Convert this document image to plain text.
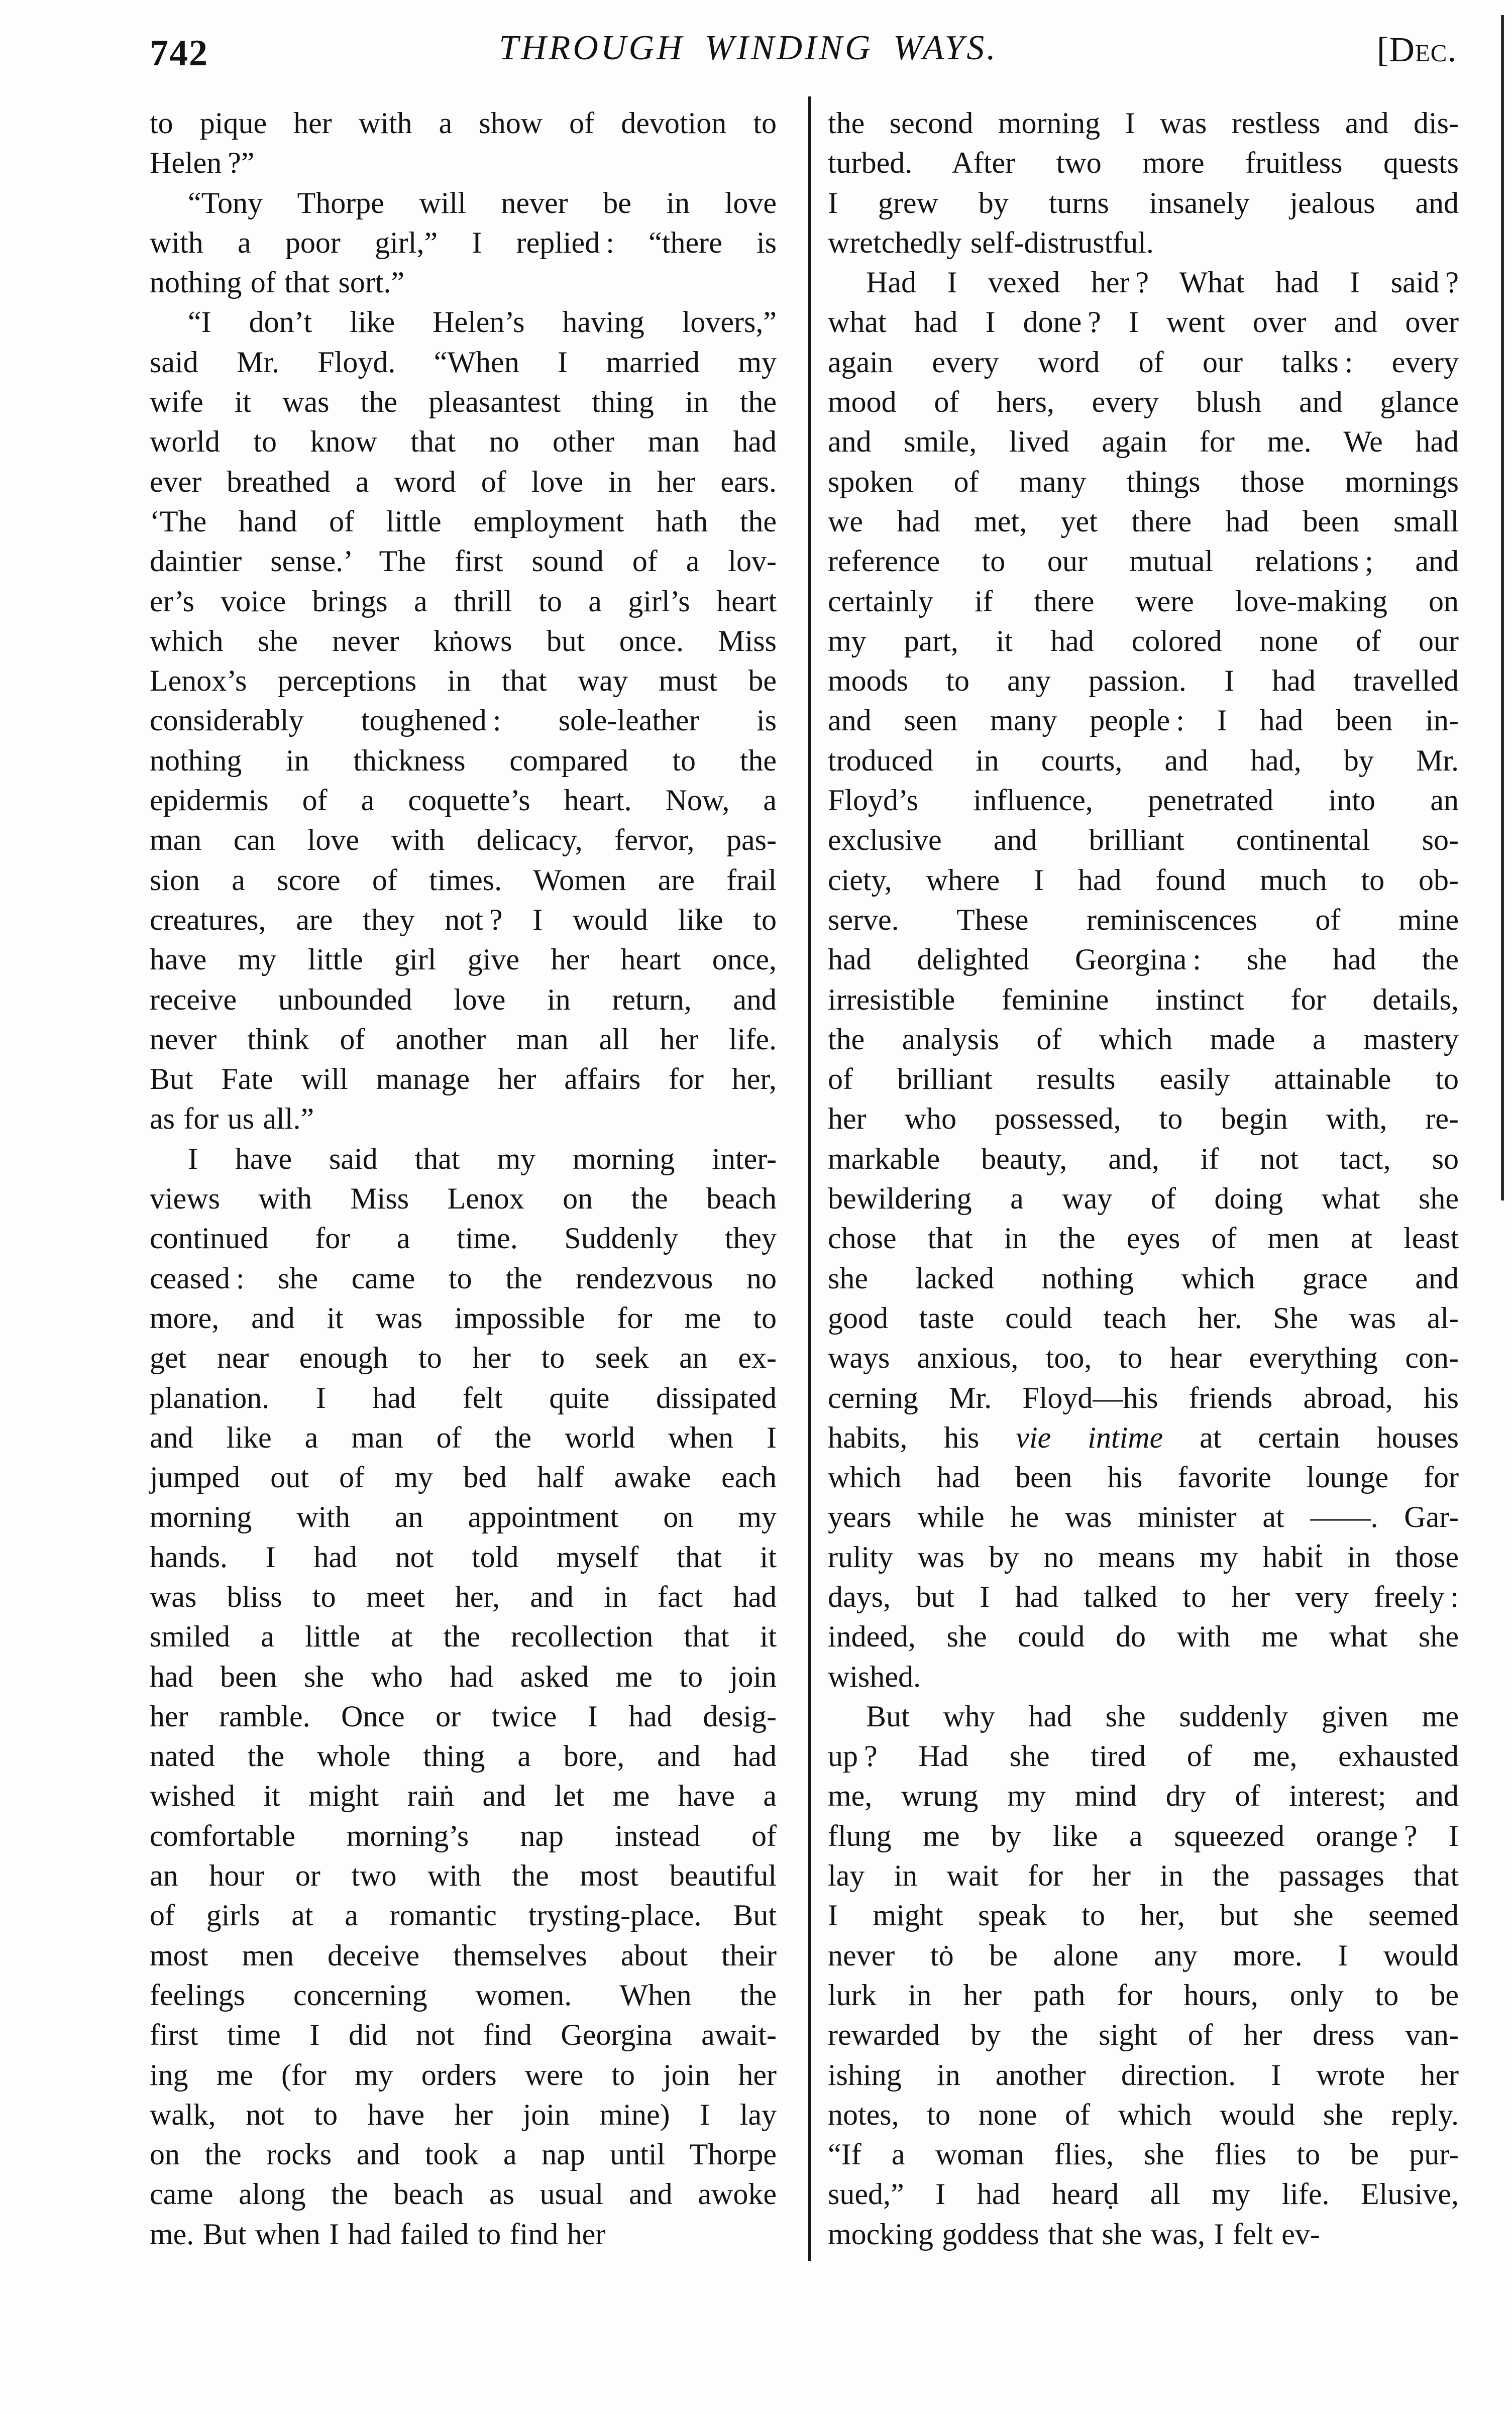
742	THROUGH WINDING WAYS.	[Dec.
to pique her with a show of devotion to
Helen ?”
“Tony Thorpe will never be in love
with a poor girl,” I replied : “there is
nothing of that sort.”
“I don’t like Helen’s having lovers,”
said Mr. Floyd. “When I married my
wife it was the pleasantest thing in the
world to know that no other man had
ever breathed a word of love in her ears.
‘The hand of little employment hath the
daintier sense.’ The first sound of a lov-
er’s voice brings a thrill to a girl’s heart
which she never kṅows but once. Miss
Lenox’s perceptions in that way must be
considerably toughened : sole-leather is
nothing in thickness compared to the
epidermis of a coquette’s heart. Now, a
man can love with delicacy, fervor, pas-
sion a score of times. Women are frail
creatures, are they not ? I would like to
have my little girl give her heart once,
receive unbounded love in return, and
never think of another man all her life.
But Fate will manage her affairs for her,
as for us all.”
I have said that my morning inter-
views with Miss Lenox on the beach
continued for a time. Suddenly they
ceased : she came to the rendezvous no
more, and it was impossible for me to
get near enough to her to seek an ex-
planation. I had felt quite dissipated
and like a man of the world when I
jumped out of my bed half awake each
morning with an appointment on my
hands. I had not told myself that it
was bliss to meet her, and in fact had
smiled a little at the recollection that it
had been she who had asked me to join
her ramble. Once or twice I had desig-
nated the whole thing a bore, and had
wished it might raiṅ and let me have a
comfortable morning’s nap instead of
an hour or two with the most beautiful
of girls at a romantic trysting-place. But
most men deceive themselves about their
feelings concerning women. When the
first time I did not find Georgina await-
ing me (for my orders were to join her
walk, not to have her join mine) I lay
on the rocks and took a nap until Thorpe
came along the beach as usual and awoke
me. But when I had failed to find her
the second morning I was restless and dis-
turbed. After two more fruitless quests
I grew by turns insanely jealous and
wretchedly self-distrustful.
Had I vexed her ? What had I said ?
what had I done ? I went over and over
again every word of our talks : every
mood of hers, every blush and glance
and smile, lived again for me. We had
spoken of many things those mornings
we had met, yet there had been small
reference to our mutual relations ; and
certainly if there were love-making on
my part, it had colored none of our
moods to any passion. I had travelled
and seen many people : I had been in-
troduced in courts, and had, by Mr.
Floyd’s influence, penetrated into an
exclusive and brilliant continental so-
ciety, where I had found much to ob-
serve. These reminiscences of mine
had delighted Georgina : she had the
irresistible feminine instinct for details,
the analysis of which made a mastery
of brilliant results easily attainable to
her who possessed, to begin with, re-
markable beauty, and, if not tact, so
bewildering a way of doing what she
chose that in the eyes of men at least
she lacked nothing which grace and
good taste could teach her. She was al-
ways anxious, too, to hear everything con-
cerning Mr. Floyd—his friends abroad, his
habits, his vie intime at certain houses
which had been his favorite lounge for
years while he was minister at ——. Gar-
rulity was by no means my habiṫ in those
days, but I had talked to her very freely :
indeed, she could do with me what she
wished.
But why had she suddenly given me
up ? Had she tired of me, exhausted
me, wrung my mind dry of interest; and
flung me by like a squeezed orange ? I
lay in wait for her in the passages that
I might speak to her, but she seemed
never tȯ be alone any more. I would
lurk in her path for hours, only to be
rewarded by the sight of her dress van-
ishing in another direction. I wrote her
notes, to none of which would she reply.
“If a woman flies, she flies to be pur-
sued,” I had hearḍ all my life. Elusive,
mocking goddess that she was, I felt ev-
